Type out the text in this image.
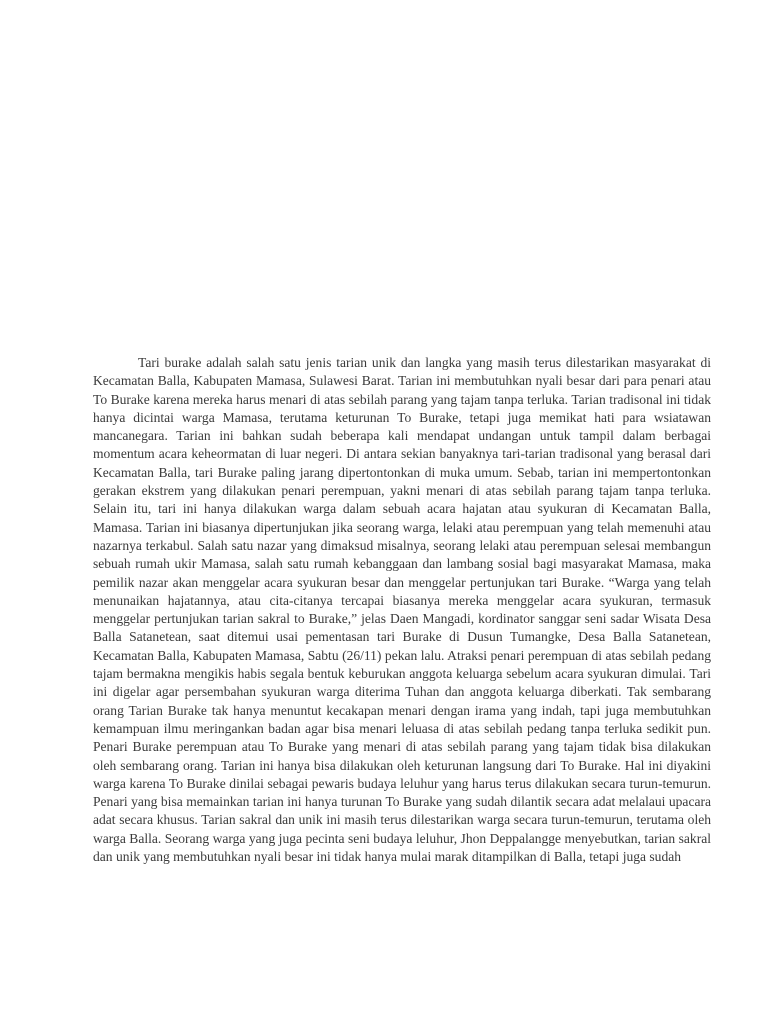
Tari burake adalah salah satu jenis tarian unik dan langka yang masih terus dilestarikan masyarakat di Kecamatan Balla, Kabupaten Mamasa, Sulawesi Barat. Tarian ini membutuhkan nyali besar dari para penari atau To Burake karena mereka harus menari di atas sebilah parang yang tajam tanpa terluka. Tarian tradisonal ini tidak hanya dicintai warga Mamasa, terutama keturunan To Burake, tetapi juga memikat hati para wsiatawan mancanegara. Tarian ini bahkan sudah beberapa kali mendapat undangan untuk tampil dalam berbagai momentum acara keheormatan di luar negeri. Di antara sekian banyaknya tari-tarian tradisonal yang berasal dari Kecamatan Balla, tari Burake paling jarang dipertontonkan di muka umum. Sebab, tarian ini mempertontonkan gerakan ekstrem yang dilakukan penari perempuan, yakni menari di atas sebilah parang tajam tanpa terluka. Selain itu, tari ini hanya dilakukan warga dalam sebuah acara hajatan atau syukuran di Kecamatan Balla, Mamasa. Tarian ini biasanya dipertunjukan jika seorang warga, lelaki atau perempuan yang telah memenuhi atau nazarnya terkabul. Salah satu nazar yang dimaksud misalnya, seorang lelaki atau perempuan selesai membangun sebuah rumah ukir Mamasa, salah satu rumah kebanggaan dan lambang sosial bagi masyarakat Mamasa, maka pemilik nazar akan menggelar acara syukuran besar dan menggelar pertunjukan tari Burake. “Warga yang telah menunaikan hajatannya, atau cita-citanya tercapai biasanya mereka menggelar acara syukuran, termasuk menggelar pertunjukan tarian sakral to Burake,” jelas Daen Mangadi, kordinator sanggar seni sadar Wisata Desa Balla Satanetean, saat ditemui usai pementasan tari Burake di Dusun Tumangke, Desa Balla Satanetean, Kecamatan Balla, Kabupaten Mamasa, Sabtu (26/11) pekan lalu. Atraksi penari perempuan di atas sebilah pedang tajam bermakna mengikis habis segala bentuk keburukan anggota keluarga sebelum acara syukuran dimulai. Tari ini digelar agar persembahan syukuran warga diterima Tuhan dan anggota keluarga diberkati. Tak sembarang orang Tarian Burake tak hanya menuntut kecakapan menari dengan irama yang indah, tapi juga membutuhkan kemampuan ilmu meringankan badan agar bisa menari leluasa di atas sebilah pedang tanpa terluka sedikit pun. Penari Burake perempuan atau To Burake yang menari di atas sebilah parang yang tajam tidak bisa dilakukan oleh sembarang orang. Tarian ini hanya bisa dilakukan oleh keturunan langsung dari To Burake. Hal ini diyakini warga karena To Burake dinilai sebagai pewaris budaya leluhur yang harus terus dilakukan secara turun-temurun. Penari yang bisa memainkan tarian ini hanya turunan To Burake yang sudah dilantik secara adat melalaui upacara adat secara khusus. Tarian sakral dan unik ini masih terus dilestarikan warga secara turun-temurun, terutama oleh warga Balla. Seorang warga yang juga pecinta seni budaya leluhur, Jhon Deppalangge menyebutkan, tarian sakral dan unik yang membutuhkan nyali besar ini tidak hanya mulai marak ditampilkan di Balla, tetapi juga sudah
